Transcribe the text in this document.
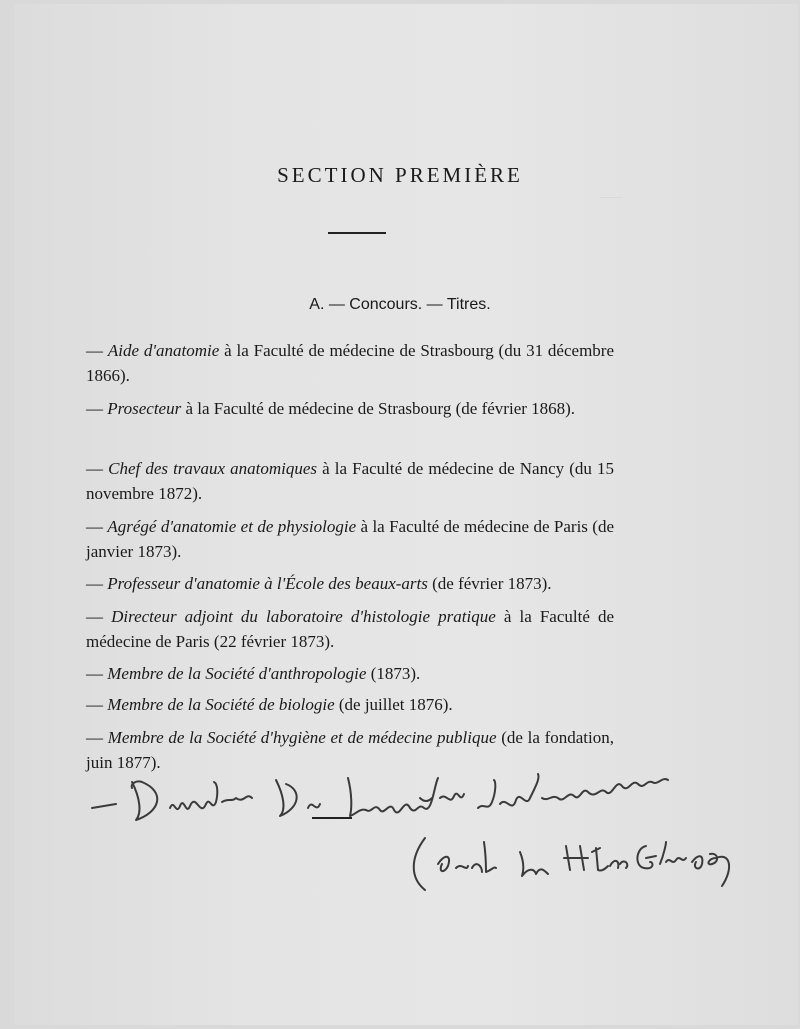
___
SECTION PREMIÈRE
A. — Concours. — Titres.
— Aide d'anatomie à la Faculté de médecine de Strasbourg (du 31 décembre 1866).
— Prosecteur à la Faculté de médecine de Strasbourg (de février 1868).
— Chef des travaux anatomiques à la Faculté de médecine de Nancy (du 15 novembre 1872).
— Agrégé d'anatomie et de physiologie à la Faculté de médecine de Paris (de janvier 1873).
— Professeur d'anatomie à l'École des beaux-arts (de février 1873).
— Directeur adjoint du laboratoire d'histologie pratique à la Faculté de médecine de Paris (22 février 1873).
— Membre de la Société d'anthropologie (1873).
— Membre de la Société de biologie (de juillet 1876).
— Membre de la Société d'hygiène et de médecine publique (de la fondation, juin 1877).
